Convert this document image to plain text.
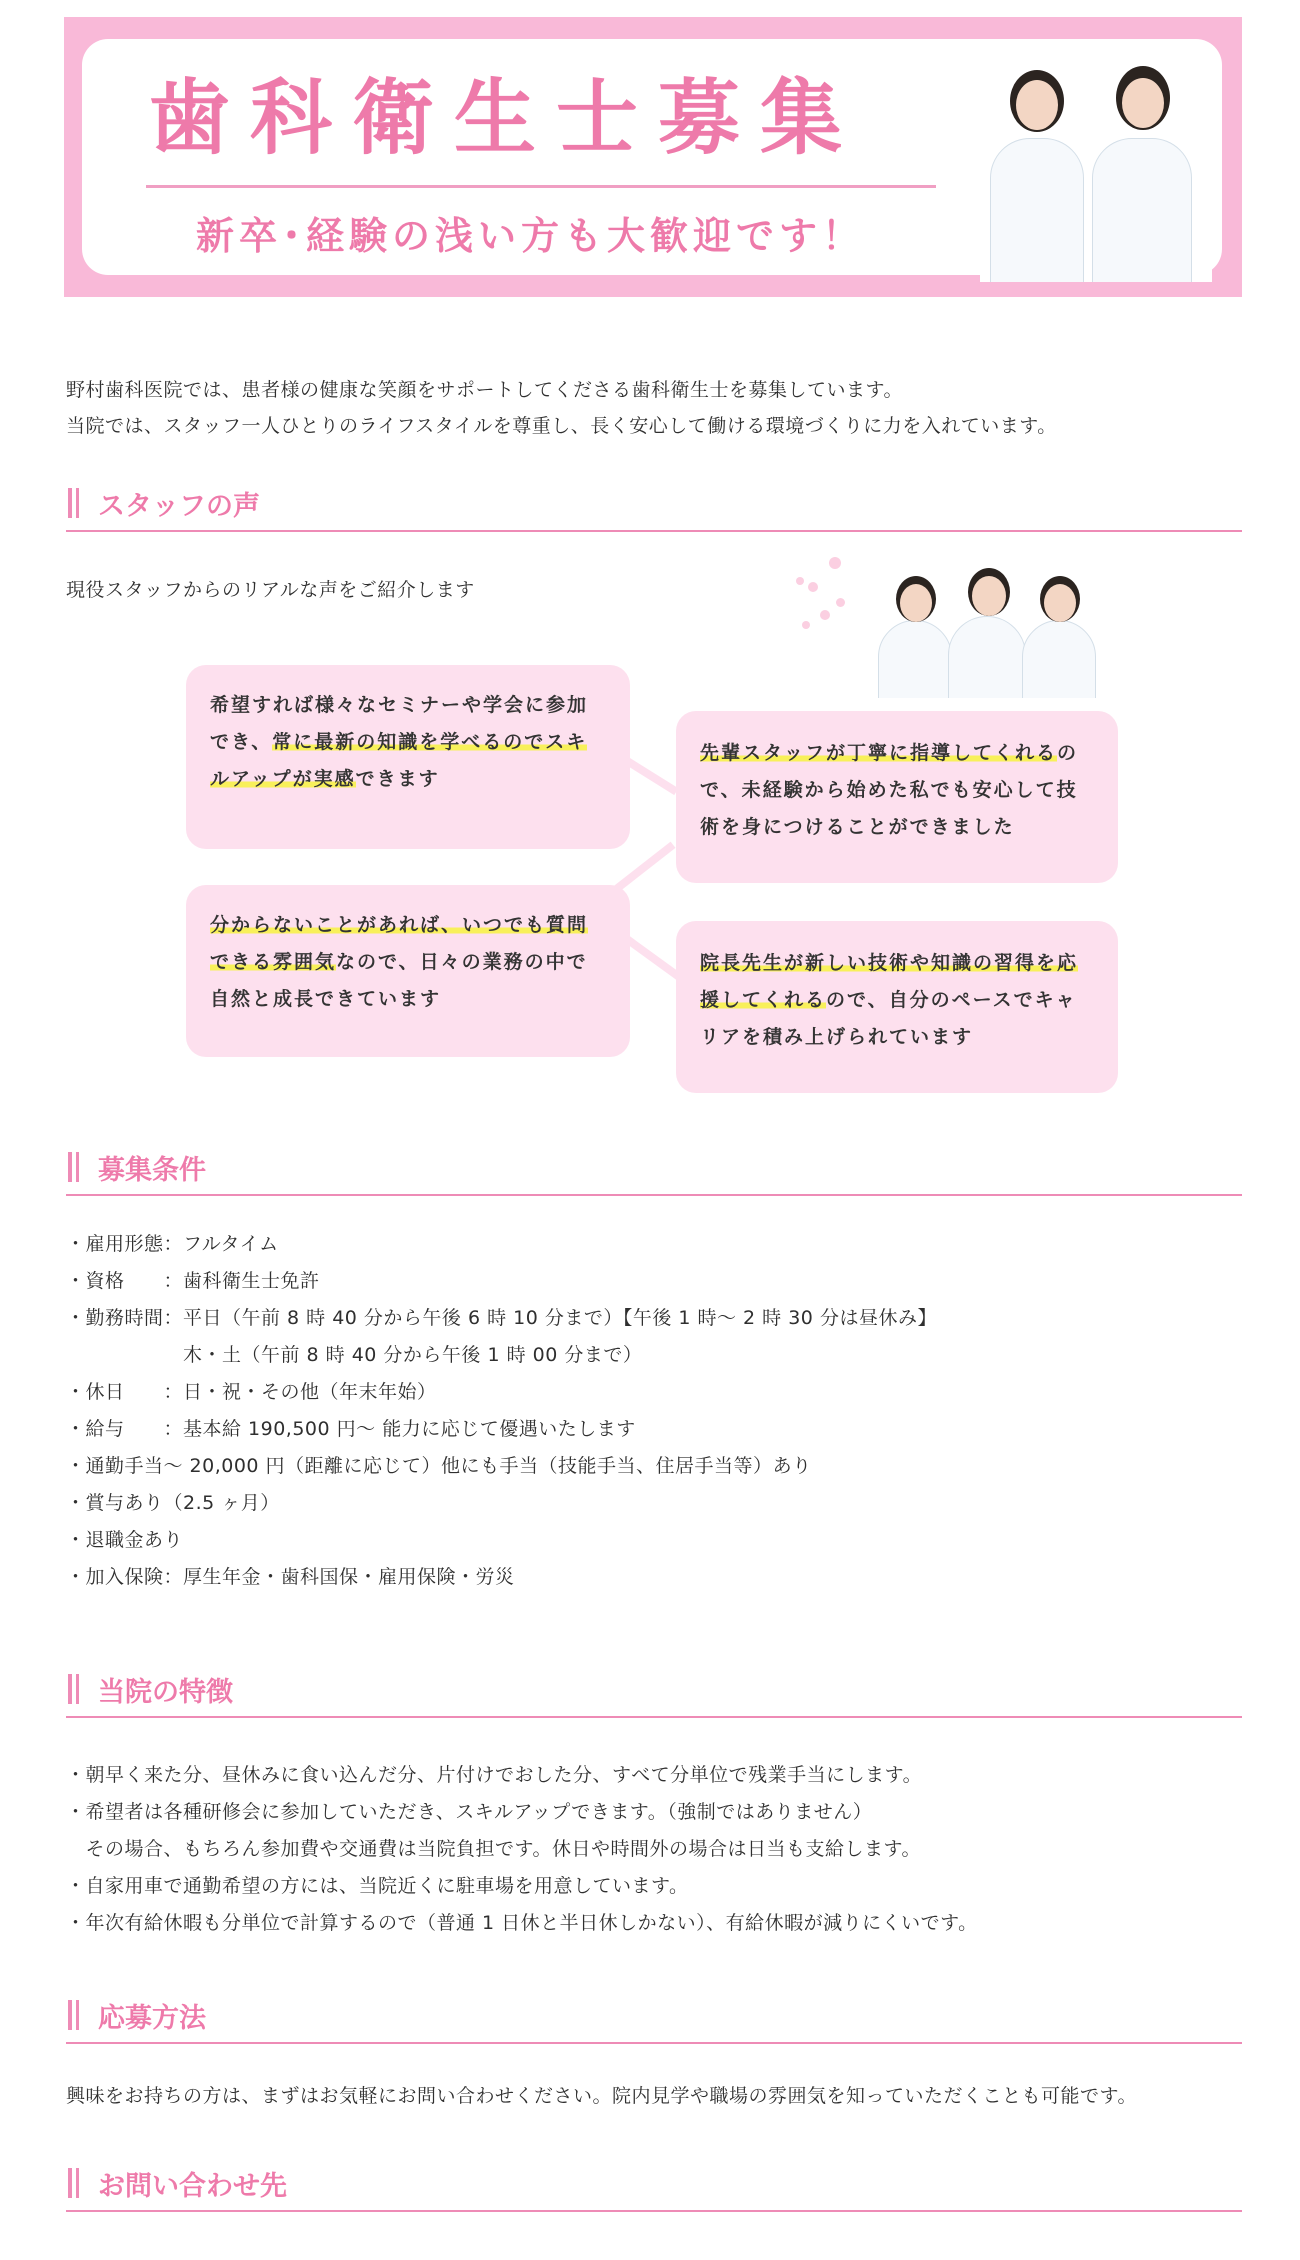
歯科衛生士募集
新卒･経験の浅い方も大歓迎です！
野村歯科医院では、患者様の健康な笑顔をサポートしてくださる歯科衛生士を募集しています。
当院では、スタッフ一人ひとりのライフスタイルを尊重し、長く安心して働ける環境づくりに力を入れています。
スタッフの声
現役スタッフからのリアルな声をご紹介します
希望すれば様々なセミナーや学会に参加でき、常に最新の知識を学べるのでスキルアップが実感できます
先輩スタッフが丁寧に指導してくれるので、未経験から始めた私でも安心して技術を身につけることができました
分からないことがあれば、いつでも質問できる雰囲気なので、日々の業務の中で自然と成長できています
院長先生が新しい技術や知識の習得を応援してくれるので、自分のペースでキャリアを積み上げられています
募集条件
・雇用形態：フルタイム
・資格　　：歯科衛生士免許
・勤務時間：平日（午前 8 時 40 分から午後 6 時 10 分まで）【午後 1 時～ 2 時 30 分は昼休み】
　　　　　　木・土（午前 8 時 40 分から午後 1 時 00 分まで）
・休日　　：日・祝・その他（年末年始）
・給与　　：基本給 190,500 円～ 能力に応じて優遇いたします
・通勤手当～ 20,000 円（距離に応じて）他にも手当（技能手当、住居手当等）あり
・賞与あり（2.5 ヶ月）
・退職金あり
・加入保険：厚生年金・歯科国保・雇用保険・労災
当院の特徴
・朝早く来た分、昼休みに食い込んだ分、片付けでおした分、すべて分単位で残業手当にします。
・希望者は各種研修会に参加していただき、スキルアップできます。（強制ではありません）
　その場合、もちろん参加費や交通費は当院負担です。休日や時間外の場合は日当も支給します。
・自家用車で通勤希望の方には、当院近くに駐車場を用意しています。
・年次有給休暇も分単位で計算するので（普通 1 日休と半日休しかない）、有給休暇が減りにくいです。
応募方法
興味をお持ちの方は、まずはお気軽にお問い合わせください。院内見学や職場の雰囲気を知っていただくことも可能です。
お問い合わせ先
